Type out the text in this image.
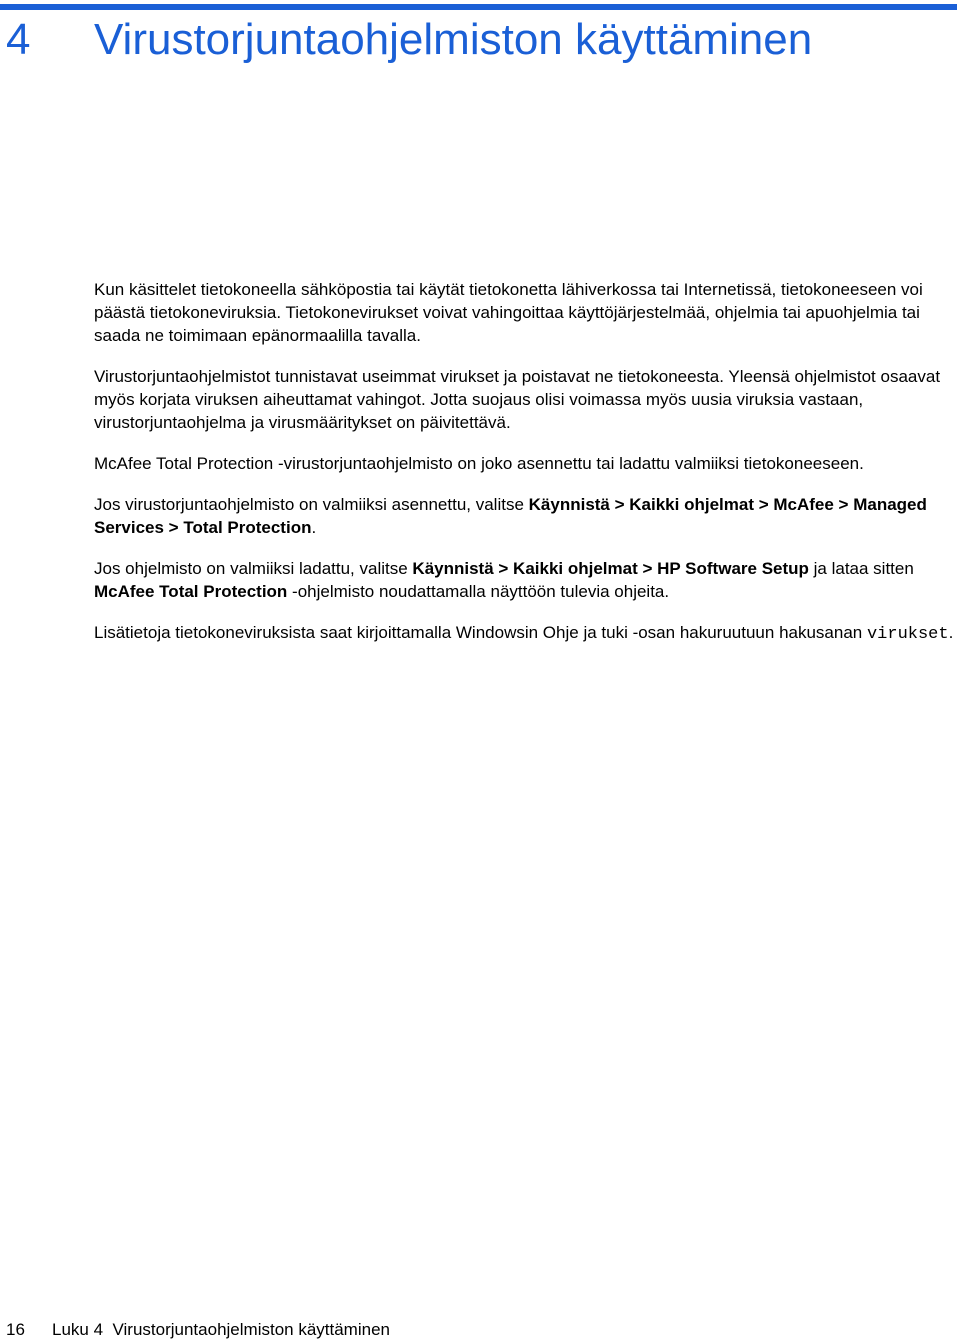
4 Virustorjuntaohjelmiston käyttäminen

Kun käsittelet tietokoneella sähköpostia tai käytät tietokonetta lähiverkossa tai Internetissä, tietokoneeseen voi päästä tietokoneviruksia. Tietokonevirukset voivat vahingoittaa käyttöjärjestelmää, ohjelmia tai apuohjelmia tai saada ne toimimaan epänormaalilla tavalla.

Virustorjuntaohjelmistot tunnistavat useimmat virukset ja poistavat ne tietokoneesta. Yleensä ohjelmistot osaavat myös korjata viruksen aiheuttamat vahingot. Jotta suojaus olisi voimassa myös uusia viruksia vastaan, virustorjuntaohjelma ja virusmääritykset on päivitettävä.

McAfee Total Protection -virustorjuntaohjelmisto on joko asennettu tai ladattu valmiiksi tietokoneeseen.

Jos virustorjuntaohjelmisto on valmiiksi asennettu, valitse Käynnistä > Kaikki ohjelmat > McAfee > Managed Services > Total Protection.

Jos ohjelmisto on valmiiksi ladattu, valitse Käynnistä > Kaikki ohjelmat > HP Software Setup ja lataa sitten McAfee Total Protection -ohjelmisto noudattamalla näyttöön tulevia ohjeita.

Lisätietoja tietokoneviruksista saat kirjoittamalla Windowsin Ohje ja tuki -osan hakuruutuun hakusanan virukset.

16 Luku 4  Virustorjuntaohjelmiston käyttäminen
